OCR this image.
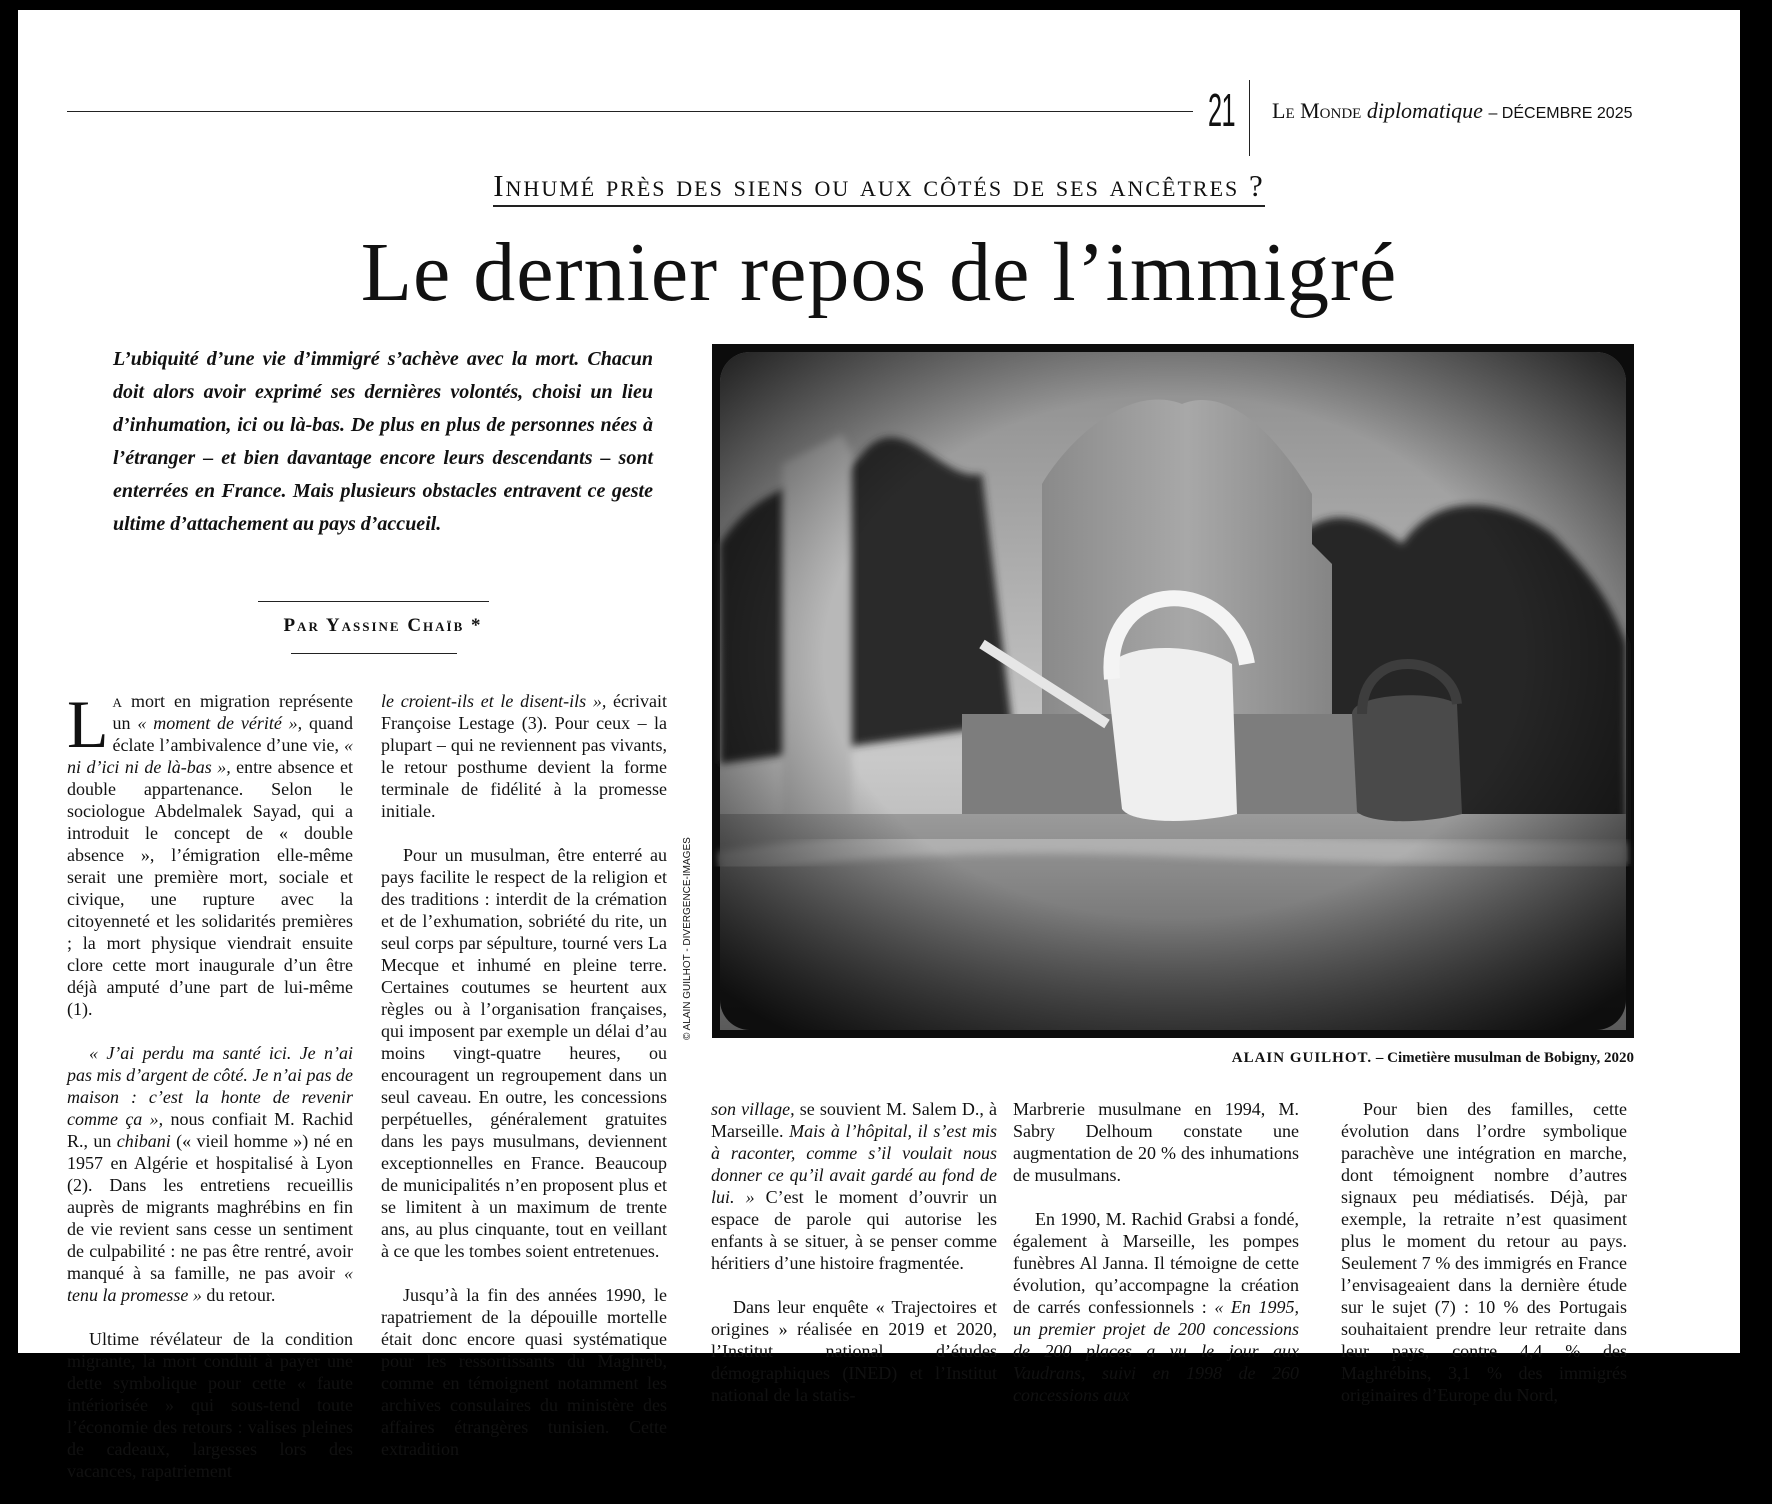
21 Le Monde diplomatique – DÉCEMBRE 2025
Inhumé près des siens ou aux côtés de ses ancêtres ?
Le dernier repos de l’immigré

L’ubiquité d’une vie d’immigré s’achève avec la mort. Chacun doit alors avoir exprimé ses dernières volontés, choisi un lieu d’inhumation, ici ou là-bas. De plus en plus de personnes nées à l’étranger – et bien davantage encore leurs descendants – sont enterrées en France. Mais plusieurs obstacles entravent ce geste ultime d’attachement au pays d’accueil.

Par Yassine Chaïb *

La mort en migration représente un « moment de vérité », quand éclate l’ambivalence d’une vie, « ni d’ici ni de là-bas », entre absence et double appartenance. Selon le sociologue Abdelmalek Sayad, qui a introduit le concept de « double absence », l’émigration elle-même serait une première mort, sociale et civique, une rupture avec la citoyenneté et les solidarités premières ; la mort physique viendrait ensuite clore cette mort inaugurale d’un être déjà amputé d’une part de lui-même (1).

« J’ai perdu ma santé ici. Je n’ai pas mis d’argent de côté. Je n’ai pas de maison : c’est la honte de revenir comme ça », nous confiait M. Rachid R., un chibani (« vieil homme ») né en 1957 en Algérie et hospitalisé à Lyon (2). Dans les entretiens recueillis auprès de migrants maghrébins en fin de vie revient sans cesse un sentiment de culpabilité : ne pas être rentré, avoir manqué à sa famille, ne pas avoir « tenu la promesse » du retour.

Ultime révélateur de la condition migrante, la mort conduit à payer une dette symbolique pour cette « faute intériorisée » qui sous-tend toute l’économie des retours : valises pleines de cadeaux, largesses lors des vacances, rapatriement

le croient-ils et le disent-ils », écrivait Françoise Lestage (3). Pour ceux – la plupart – qui ne reviennent pas vivants, le retour posthume devient la forme terminale de fidélité à la promesse initiale.

Pour un musulman, être enterré au pays facilite le respect de la religion et des traditions : interdit de la crémation et de l’exhumation, sobriété du rite, un seul corps par sépulture, tourné vers La Mecque et inhumé en pleine terre. Certaines coutumes se heurtent aux règles ou à l’organisation françaises, qui imposent par exemple un délai d’au moins vingt-quatre heures, ou encouragent un regroupement dans un seul caveau. En outre, les concessions perpétuelles, généralement gratuites dans les pays musulmans, deviennent exceptionnelles en France. Beaucoup de municipalités n’en proposent plus et se limitent à un maximum de trente ans, au plus cinquante, tout en veillant à ce que les tombes soient entretenues.

Jusqu’à la fin des années 1990, le rapatriement de la dépouille mortelle était donc encore quasi systématique pour les ressortissants du Maghreb, comme en témoignent notamment les archives consulaires du ministère des affaires étrangères tunisien. Cette extradition

© ALAIN GUILHOT - DIVERGENCE-IMAGES
ALAIN GUILHOT. – Cimetière musulman de Bobigny, 2020

son village, se souvient M. Salem D., à Marseille. Mais à l’hôpital, il s’est mis à raconter, comme s’il voulait nous donner ce qu’il avait gardé au fond de lui. » C’est le moment d’ouvrir un espace de parole qui autorise les enfants à se situer, à se penser comme héritiers d’une histoire fragmentée.

Dans leur enquête « Trajectoires et origines » réalisée en 2019 et 2020, l’Institut national d’études démographiques (INED) et l’Institut national de la statis-

Marbrerie musulmane en 1994, M. Sabry Delhoum constate une augmentation de 20 % des inhumations de musulmans.

En 1990, M. Rachid Grabsi a fondé, également à Marseille, les pompes funèbres Al Janna. Il témoigne de cette évolution, qu’accompagne la création de carrés confessionnels : « En 1995, un premier projet de 200 concessions de 200 places a vu le jour aux Vaudrans, suivi en 1998 de 260 concessions aux

Pour bien des familles, cette évolution dans l’ordre symbolique parachève une intégration en marche, dont témoignent nombre d’autres signaux peu médiatisés. Déjà, par exemple, la retraite n’est quasiment plus le moment du retour au pays. Seulement 7 % des immigrés en France l’envisageaient dans la dernière étude sur le sujet (7) : 10 % des Portugais souhaitaient prendre leur retraite dans leur pays, contre 4,4 % des Maghrébins, 3,1 % des immigrés originaires d’Europe du Nord,
